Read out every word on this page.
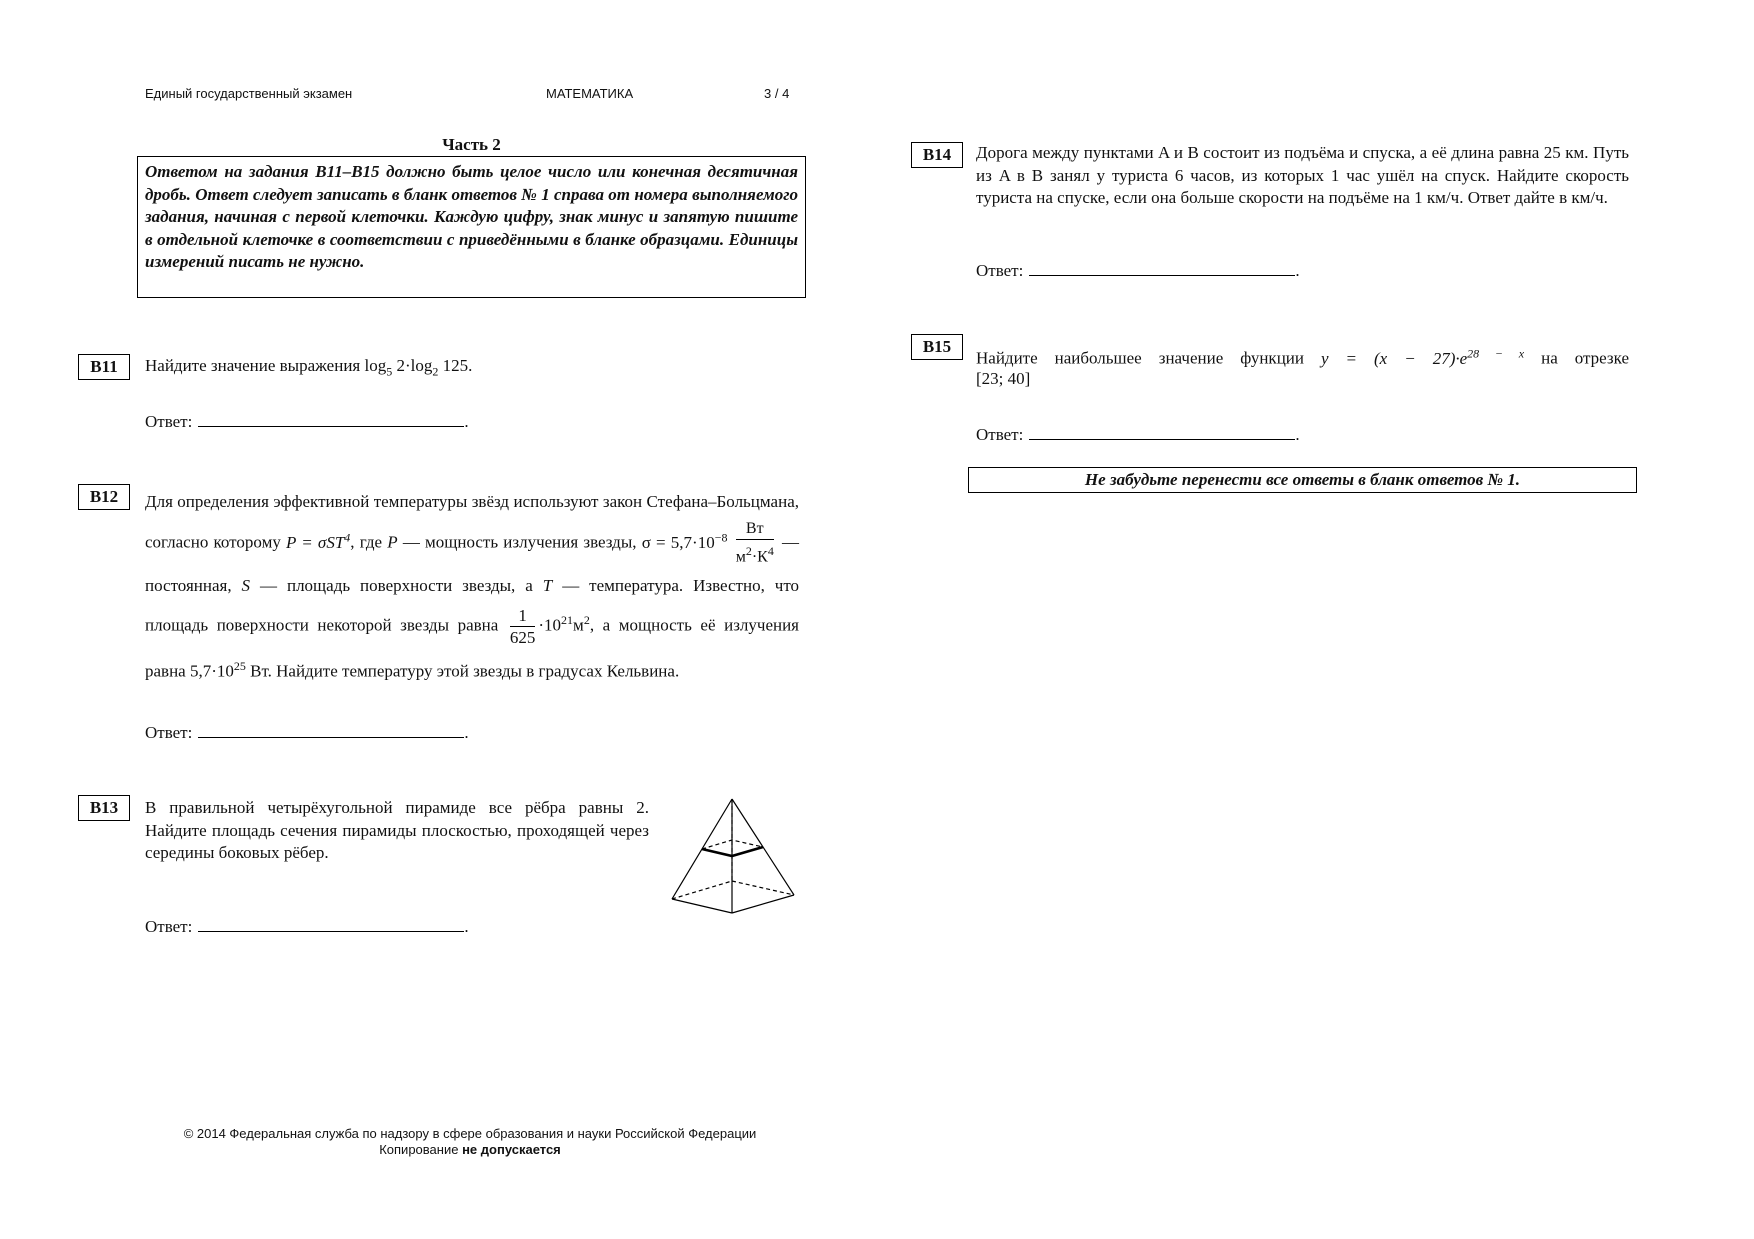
Единый государственный экзамен	МАТЕМАТИКА	3 / 4
Часть 2
Ответом на задания B11–B15 должно быть целое число или конечная десятичная дробь. Ответ следует записать в бланк ответов № 1 справа от номера выполняемого задания, начиная с первой клеточки. Каждую цифру, знак минус и запятую пишите в отдельной клеточке в соответствии с приведёнными в бланке образцами. Единицы измерений писать не нужно.
B11	Найдите значение выражения $\log_5 2\cdot\log_2$ 125.
Ответ:	.
B12	Для определения эффективной температуры звёзд используют закон Стефана–Больцмана, согласно которому P = σST$^4$, где P — мощность излучения звезды, $\sigma = 5,7\cdot 10^{-8} \frac{Вт}{м^2\cdot К^4}$ — постоянная, S — площадь поверхности звезды, а T — температура. Известно, что площадь поверхности некоторой звезды равна $\frac{1}{625} \cdot 10^{21}м^2$, а мощность её излучения равна $5,7\cdot 10^{25}$ Вт. Найдите температуру этой звезды в градусах Кельвина.
Ответ:	.
B13	В правильной четырёхугольной пирамиде все рёбра равны 2. Найдите площадь сечения пирамиды плоскостью, проходящей через середины боковых рёбер.
Ответ:	.
B14	Дорога между пунктами A и B состоит из подъёма и спуска, а её длина равна 25 км. Путь из A в B занял у туриста 6 часов, из которых 1 час ушёл на спуск. Найдите скорость туриста на спуске, если она больше скорости на подъёме на 1 км/ч. Ответ дайте в км/ч.
Ответ:	.
B15
Найдите наибольшее значение функции $y = (x - 27)\cdot e^{28 - x}$ на отрезке
[23; 40]
Ответ:	.
Не забудьте перенести все ответы в бланк ответов № 1.
© 2014 Федеральная служба по надзору в сфере образования и науки Российской Федерации
Копирование не допускается
